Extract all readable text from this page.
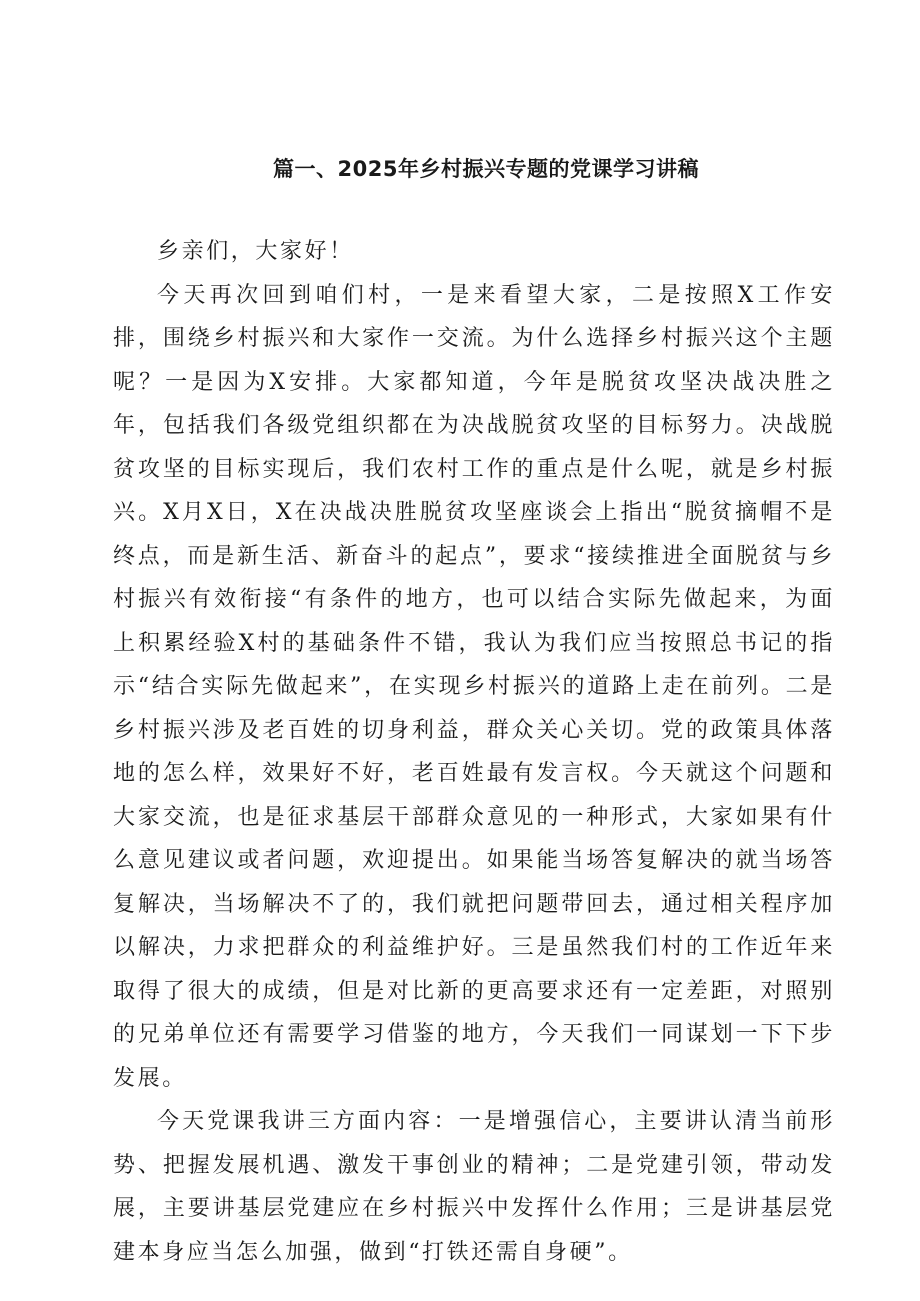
篇一、2025年乡村振兴专题的党课学习讲稿

乡亲们，大家好！

今天再次回到咱们村，一是来看望大家，二是按照X工作安排，围绕乡村振兴和大家作一交流。为什么选择乡村振兴这个主题呢？一是因为X安排。大家都知道，今年是脱贫攻坚决战决胜之年，包括我们各级党组织都在为决战脱贫攻坚的目标努力。决战脱贫攻坚的目标实现后，我们农村工作的重点是什么呢，就是乡村振兴。X月X日，X在决战决胜脱贫攻坚座谈会上指出“脱贫摘帽不是终点，而是新生活、新奋斗的起点”，要求“接续推进全面脱贫与乡村振兴有效衔接“有条件的地方，也可以结合实际先做起来，为面上积累经验X村的基础条件不错，我认为我们应当按照总书记的指示“结合实际先做起来”，在实现乡村振兴的道路上走在前列。二是乡村振兴涉及老百姓的切身利益，群众关心关切。党的政策具体落地的怎么样，效果好不好，老百姓最有发言权。今天就这个问题和大家交流，也是征求基层干部群众意见的一种形式，大家如果有什么意见建议或者问题，欢迎提出。如果能当场答复解决的就当场答复解决，当场解决不了的，我们就把问题带回去，通过相关程序加以解决，力求把群众的利益维护好。三是虽然我们村的工作近年来取得了很大的成绩，但是对比新的更高要求还有一定差距，对照别的兄弟单位还有需要学习借鉴的地方，今天我们一同谋划一下下步发展。

今天党课我讲三方面内容：一是增强信心，主要讲认清当前形势、把握发展机遇、激发干事创业的精神；二是党建引领，带动发展，主要讲基层党建应在乡村振兴中发挥什么作用；三是讲基层党建本身应当怎么加强，做到“打铁还需自身硬”。
